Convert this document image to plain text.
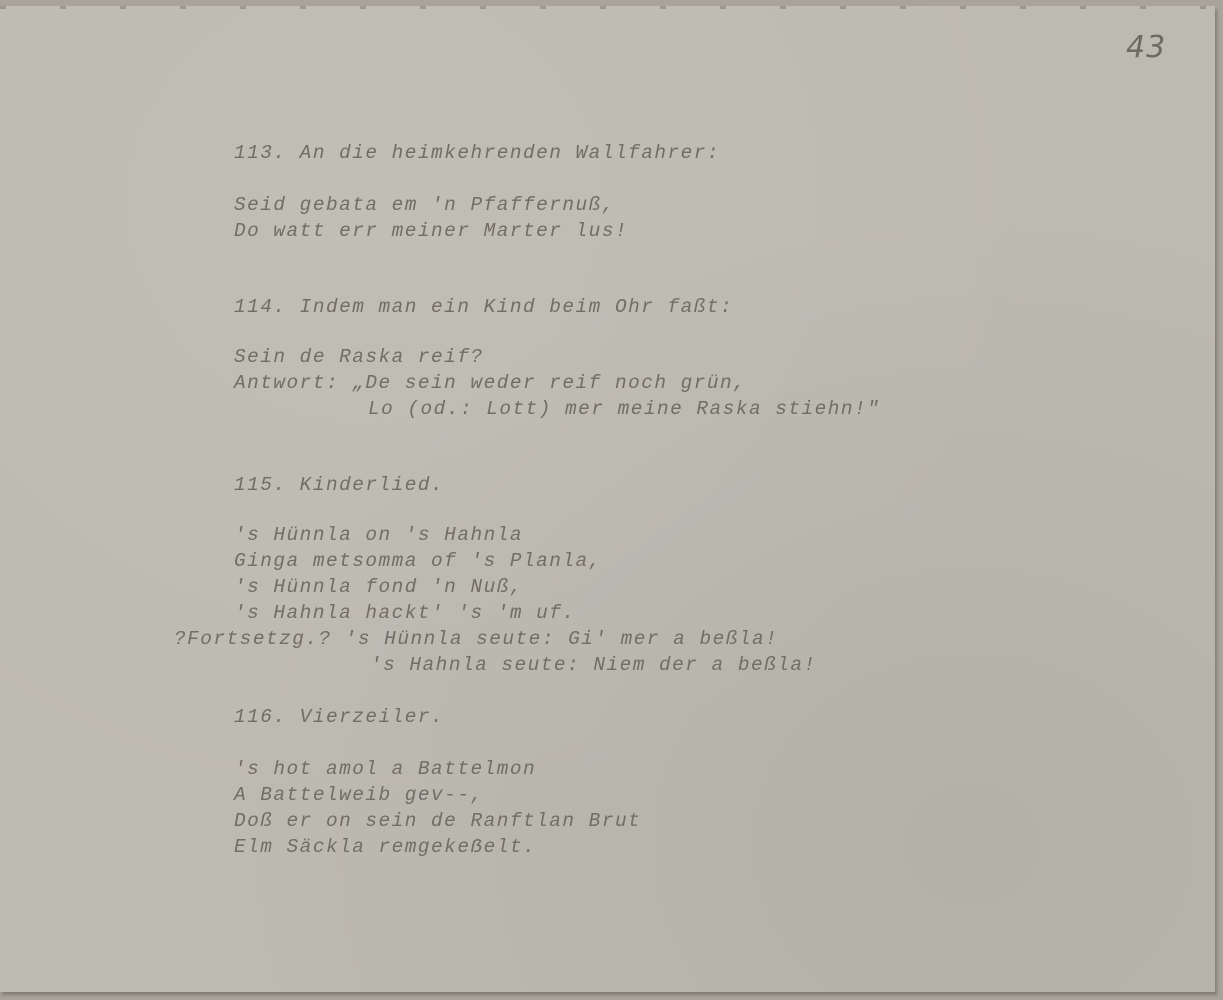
43
113. An die heimkehrenden Wallfahrer:
Seid gebata em 'n Pfaffernuß,
Do watt err meiner Marter lus!
114. Indem man ein Kind beim Ohr faßt:
Sein de Raska reif?
Antwort: „De sein weder reif noch grün,
Lo (od.: Lott) mer meine Raska stiehn!"
115. Kinderlied.
's Hünnla on 's Hahnla
Ginga metsomma of 's Planla,
's Hünnla fond 'n Nuß,
's Hahnla hackt' 's 'm uf.
?Fortsetzg.? 's Hünnla seute: Gi' mer a beßla!
's Hahnla seute: Niem der a beßla!
116. Vierzeiler.
's hot amol a Battelmon
A Battelweib gev--,
Doß er on sein de Ranftlan Brut
Elm Säckla remgekeẞelt.
